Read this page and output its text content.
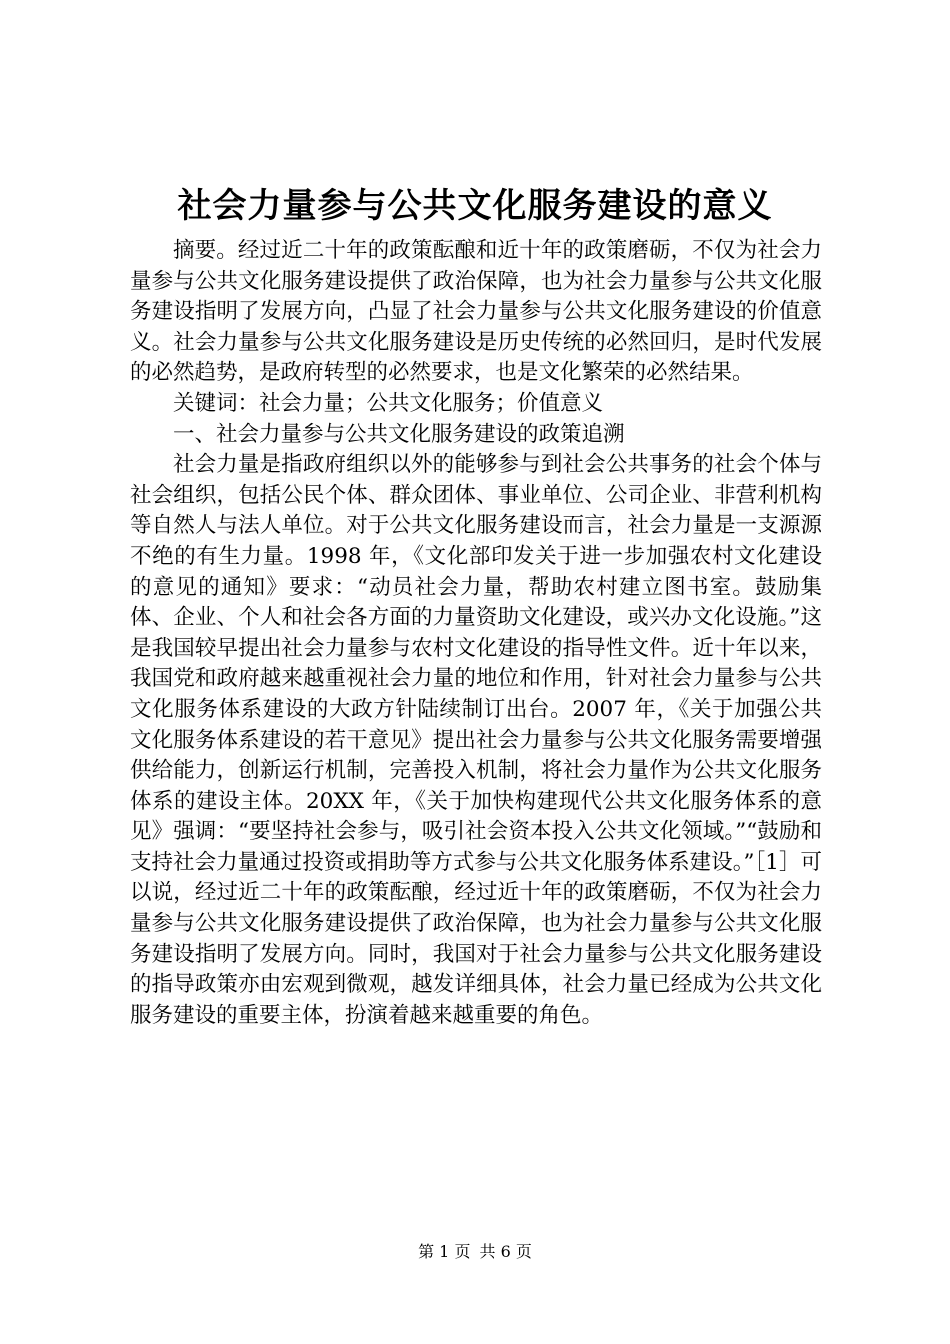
社会力量参与公共文化服务建设的意义

摘要。经过近二十年的政策酝酿和近十年的政策磨砺，不仅为社会力量参与公共文化服务建设提供了政治保障，也为社会力量参与公共文化服务建设指明了发展方向，凸显了社会力量参与公共文化服务建设的价值意义。社会力量参与公共文化服务建设是历史传统的必然回归，是时代发展的必然趋势，是政府转型的必然要求，也是文化繁荣的必然结果。

关键词：社会力量；公共文化服务；价值意义

一、社会力量参与公共文化服务建设的政策追溯

社会力量是指政府组织以外的能够参与到社会公共事务的社会个体与社会组织，包括公民个体、群众团体、事业单位、公司企业、非营利机构等自然人与法人单位。对于公共文化服务建设而言，社会力量是一支源源不绝的有生力量。1998 年，《文化部印发关于进一步加强农村文化建设的意见的通知》要求：“动员社会力量，帮助农村建立图书室。鼓励集体、企业、个人和社会各方面的力量资助文化建设，或兴办文化设施。”这是我国较早提出社会力量参与农村文化建设的指导性文件。近十年以来，我国党和政府越来越重视社会力量的地位和作用，针对社会力量参与公共文化服务体系建设的大政方针陆续制订出台。2007 年，《关于加强公共文化服务体系建设的若干意见》提出社会力量参与公共文化服务需要增强供给能力，创新运行机制，完善投入机制，将社会力量作为公共文化服务体系的建设主体。20XX 年，《关于加快构建现代公共文化服务体系的意见》强调：“要坚持社会参与，吸引社会资本投入公共文化领域。”“鼓励和支持社会力量通过投资或捐助等方式参与公共文化服务体系建设。”［1］可以说，经过近二十年的政策酝酿，经过近十年的政策磨砺，不仅为社会力量参与公共文化服务建设提供了政治保障，也为社会力量参与公共文化服务建设指明了发展方向。同时，我国对于社会力量参与公共文化服务建设的指导政策亦由宏观到微观，越发详细具体，社会力量已经成为公共文化服务建设的重要主体，扮演着越来越重要的角色。

第 1 页 共 6 页
